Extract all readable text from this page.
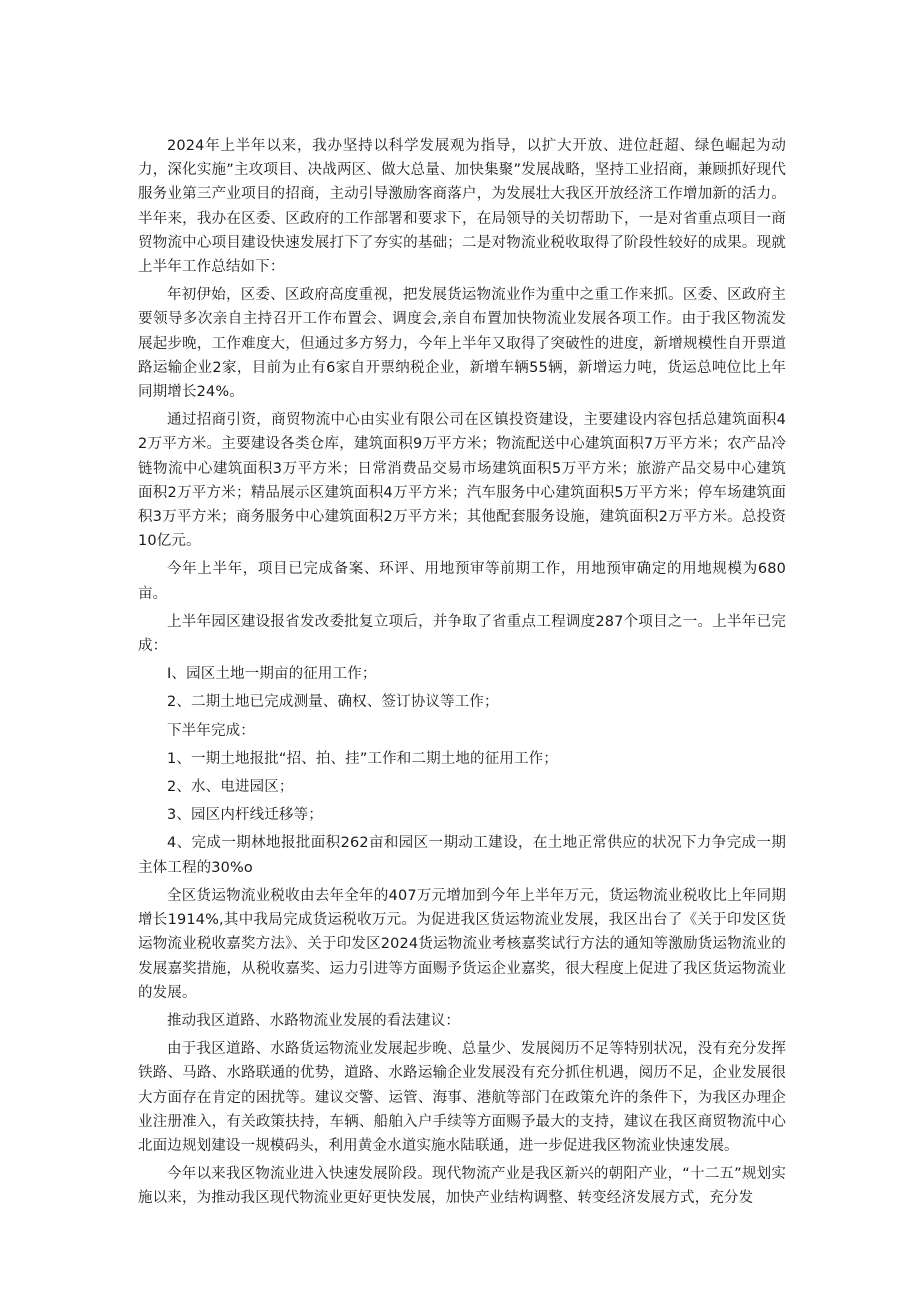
2024年上半年以来，我办坚持以科学发展观为指导，以扩大开放、进位赶超、绿色崛起为动力，深化实施”主攻项目、决战两区、做大总量、加快集聚”发展战略，坚持工业招商，兼顾抓好现代服务业第三产业项目的招商，主动引导激励客商落户，为发展壮大我区开放经济工作增加新的活力。半年来，我办在区委、区政府的工作部署和要求下，在局领导的关切帮助下，一是对省重点项目一商贸物流中心项目建设快速发展打下了夯实的基础；二是对物流业税收取得了阶段性较好的成果。现就上半年工作总结如下：

年初伊始，区委、区政府高度重视，把发展货运物流业作为重中之重工作来抓。区委、区政府主要领导多次亲自主持召开工作布置会、调度会,亲自布置加快物流业发展各项工作。由于我区物流发展起步晚，工作难度大，但通过多方努力，今年上半年又取得了突破性的进度，新增规模性自开票道路运输企业2家，目前为止有6家自开票纳税企业，新增车辆55辆，新增运力吨，货运总吨位比上年同期增长24%。

通过招商引资，商贸物流中心由实业有限公司在区镇投资建设，主要建设内容包括总建筑面积42万平方米。主要建设各类仓库，建筑面积9万平方米；物流配送中心建筑面积7万平方米；农产品冷链物流中心建筑面积3万平方米；日常消费品交易市场建筑面积5万平方米；旅游产品交易中心建筑面积2万平方米；精品展示区建筑面积4万平方米；汽车服务中心建筑面积5万平方米；停车场建筑面积3万平方米；商务服务中心建筑面积2万平方米；其他配套服务设施，建筑面积2万平方米。总投资10亿元。

今年上半年，项目已完成备案、环评、用地预审等前期工作，用地预审确定的用地规模为680亩。

上半年园区建设报省发改委批复立项后，并争取了省重点工程调度287个项目之一。上半年已完成：

I、园区土地一期亩的征用工作；

2、二期土地已完成测量、确权、签订协议等工作；

下半年完成：

1、一期土地报批“招、拍、挂”工作和二期土地的征用工作；

2、水、电进园区；

3、园区内杆线迁移等；

4、完成一期林地报批面积262亩和园区一期动工建设，在土地正常供应的状况下力争完成一期主体工程的30%o

全区货运物流业税收由去年全年的407万元增加到今年上半年万元，货运物流业税收比上年同期增长1914%,其中我局完成货运税收万元。为促进我区货运物流业发展，我区出台了《关于印发区货运物流业税收嘉奖方法》、关于印发区2024货运物流业考核嘉奖试行方法的通知等激励货运物流业的发展嘉奖措施，从税收嘉奖、运力引进等方面赐予货运企业嘉奖，很大程度上促进了我区货运物流业的发展。

推动我区道路、水路物流业发展的看法建议：

由于我区道路、水路货运物流业发展起步晚、总量少、发展阅历不足等特别状况，没有充分发挥铁路、马路、水路联通的优势，道路、水路运输企业发展没有充分抓住机遇，阅历不足，企业发展很大方面存在肯定的困扰等。建议交警、运管、海事、港航等部门在政策允许的条件下，为我区办理企业注册准入，有关政策扶持，车辆、船舶入户手续等方面赐予最大的支持，建议在我区商贸物流中心北面边规划建设一规模码头，利用黄金水道实施水陆联通，进一步促进我区物流业快速发展。

今年以来我区物流业进入快速发展阶段。现代物流产业是我区新兴的朝阳产业，“十二五”规划实施以来，为推动我区现代物流业更好更快发展，加快产业结构调整、转变经济发展方式，充分发
